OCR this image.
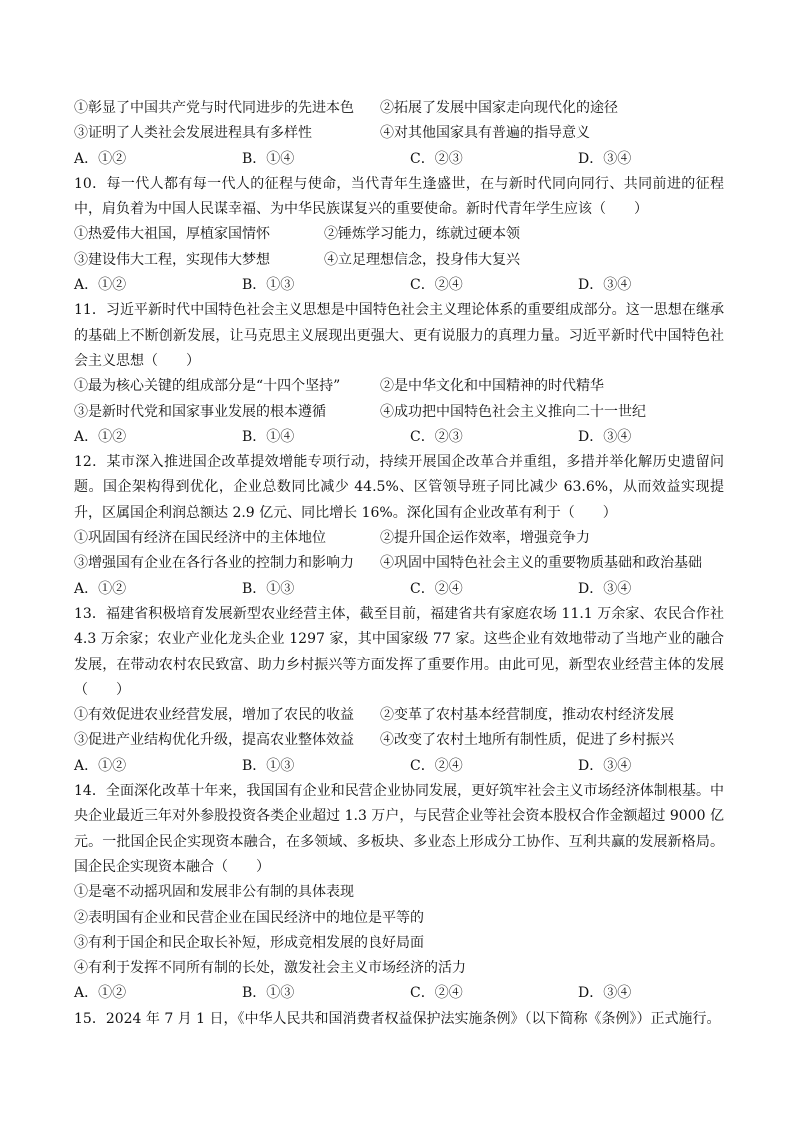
①彰显了中国共产党与时代同进步的先进本色	②拓展了发展中国家走向现代化的途径
③证明了人类社会发展进程具有多样性	④对其他国家具有普遍的指导意义
A．①②	B．①④	C．②③	D．③④
10．每一代人都有每一代人的征程与使命，当代青年生逢盛世，在与新时代同向同行、共同前进的征程中，肩负着为中国人民谋幸福、为中华民族谋复兴的重要使命。新时代青年学生应该（　　）
①热爱伟大祖国，厚植家国情怀	②锤炼学习能力，练就过硬本领
③建设伟大工程，实现伟大梦想	④立足理想信念，投身伟大复兴
A．①②	B．①③	C．②④	D．③④
11．习近平新时代中国特色社会主义思想是中国特色社会主义理论体系的重要组成部分。这一思想在继承的基础上不断创新发展，让马克思主义展现出更强大、更有说服力的真理力量。习近平新时代中国特色社会主义思想（　　）
①最为核心关键的组成部分是“十四个坚持”	②是中华文化和中国精神的时代精华
③是新时代党和国家事业发展的根本遵循	④成功把中国特色社会主义推向二十一世纪
A．①②	B．①④	C．②③	D．③④
12．某市深入推进国企改革提效增能专项行动，持续开展国企改革合并重组，多措并举化解历史遗留问题。国企架构得到优化，企业总数同比减少 44.5%、区管领导班子同比减少 63.6%，从而效益实现提升，区属国企利润总额达 2.9 亿元、同比增长 16%。深化国有企业改革有利于（　　）
①巩固国有经济在国民经济中的主体地位	②提升国企运作效率，增强竞争力
③增强国有企业在各行各业的控制力和影响力	④巩固中国特色社会主义的重要物质基础和政治基础
A．①②	B．①③	C．②④	D．③④
13．福建省积极培育发展新型农业经营主体，截至目前，福建省共有家庭农场 11.1 万余家、农民合作社 4.3 万余家；农业产业化龙头企业 1297 家，其中国家级 77 家。这些企业有效地带动了当地产业的融合发展，在带动农村农民致富、助力乡村振兴等方面发挥了重要作用。由此可见，新型农业经营主体的发展（　　）
①有效促进农业经营发展，增加了农民的收益	②变革了农村基本经营制度，推动农村经济发展
③促进产业结构优化升级，提高农业整体效益	④改变了农村土地所有制性质，促进了乡村振兴
A．①②	B．①③	C．②④	D．③④
14．全面深化改革十年来，我国国有企业和民营企业协同发展，更好筑牢社会主义市场经济体制根基。中央企业最近三年对外参股投资各类企业超过 1.3 万户，与民营企业等社会资本股权合作金额超过 9000 亿元。一批国企民企实现资本融合，在多领域、多板块、多业态上形成分工协作、互利共赢的发展新格局。国企民企实现资本融合（　　）
①是毫不动摇巩固和发展非公有制的具体表现
②表明国有企业和民营企业在国民经济中的地位是平等的
③有利于国企和民企取长补短，形成竞相发展的良好局面
④有利于发挥不同所有制的长处，激发社会主义市场经济的活力
A．①②	B．①③	C．②④	D．③④
15．2024 年 7 月 1 日，《中华人民共和国消费者权益保护法实施条例》（以下简称《条例》）正式施行。
